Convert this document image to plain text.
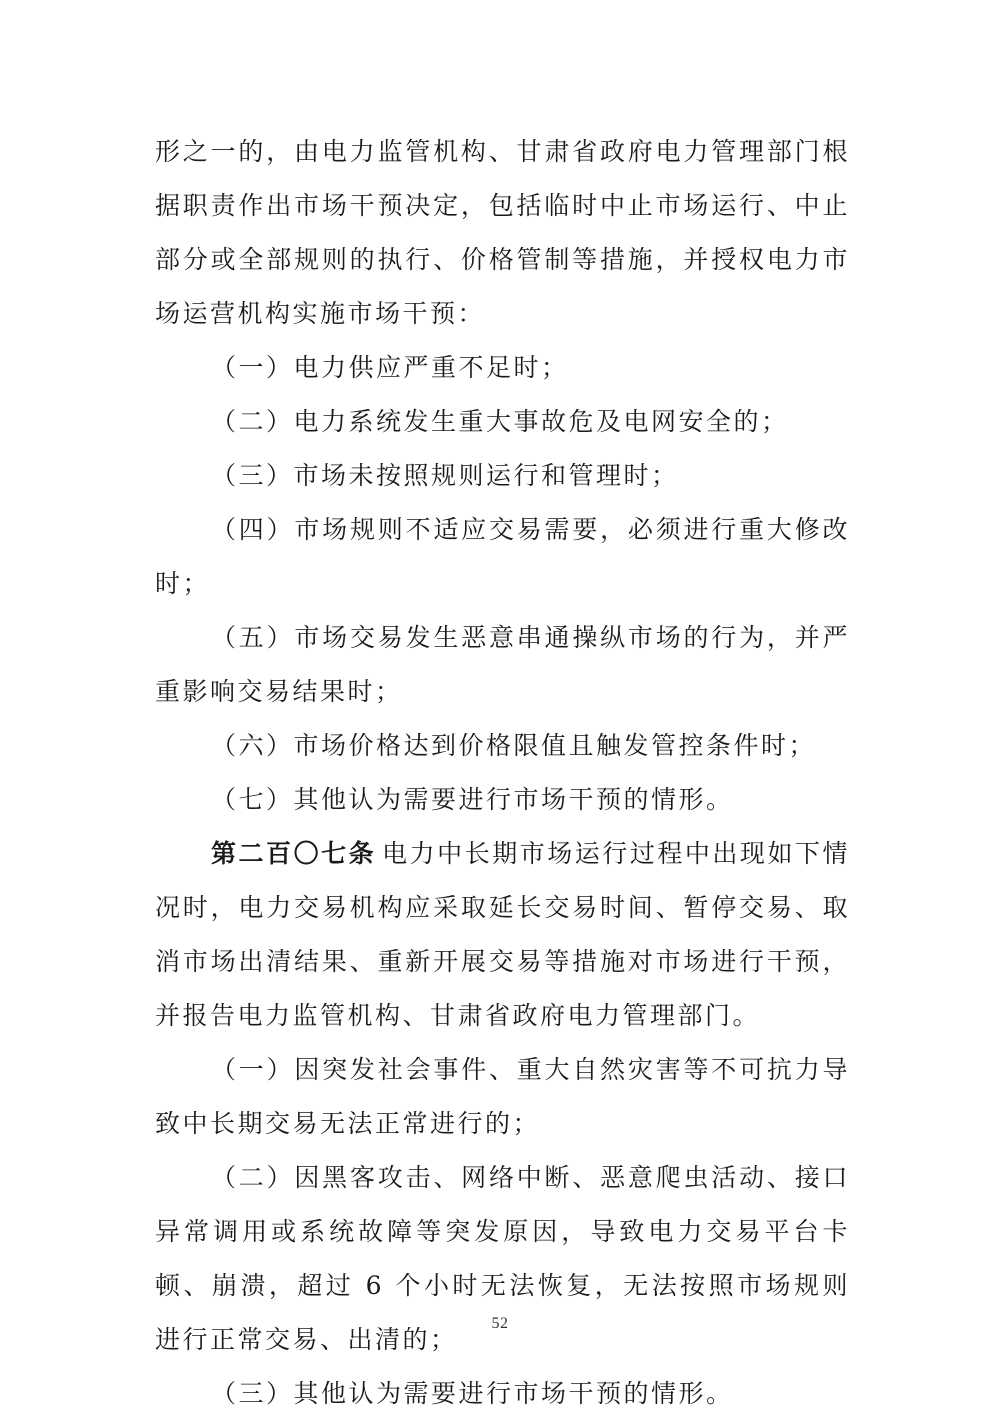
形之一的，由电力监管机构、甘肃省政府电力管理部门根据职责作出市场干预决定，包括临时中止市场运行、中止部分或全部规则的执行、价格管制等措施，并授权电力市场运营机构实施市场干预：

（一）电力供应严重不足时；

（二）电力系统发生重大事故危及电网安全的；

（三）市场未按照规则运行和管理时；

（四）市场规则不适应交易需要，必须进行重大修改时；

（五）市场交易发生恶意串通操纵市场的行为，并严重影响交易结果时；

（六）市场价格达到价格限值且触发管控条件时；

（七）其他认为需要进行市场干预的情形。

第二百〇七条 电力中长期市场运行过程中出现如下情况时，电力交易机构应采取延长交易时间、暂停交易、取消市场出清结果、重新开展交易等措施对市场进行干预，并报告电力监管机构、甘肃省政府电力管理部门。

（一）因突发社会事件、重大自然灾害等不可抗力导致中长期交易无法正常进行的；

（二）因黑客攻击、网络中断、恶意爬虫活动、接口异常调用或系统故障等突发原因，导致电力交易平台卡顿、崩溃，超过 6 个小时无法恢复，无法按照市场规则进行正常交易、出清的；

（三）其他认为需要进行市场干预的情形。

52
